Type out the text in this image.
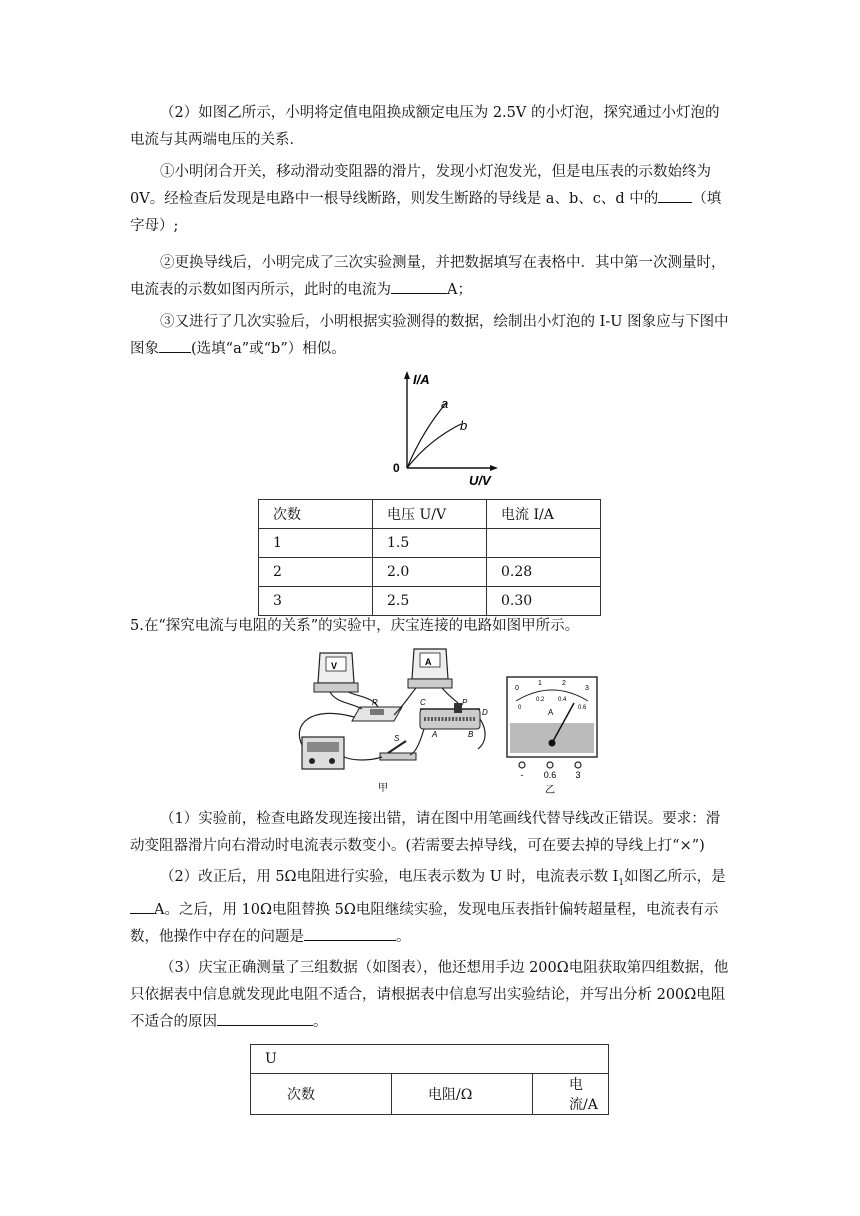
（2）如图乙所示，小明将定值电阻换成额定电压为 2.5V 的小灯泡，探究通过小灯泡的电流与其两端电压的关系．

①小明闭合开关，移动滑动变阻器的滑片，发现小灯泡发光，但是电压表的示数始终为 0V。经检查后发现是电路中一根导线断路，则发生断路的导线是 a、b、c、d 中的 （填字母）;

②更换导线后，小明完成了三次实验测量，并把数据填写在表格中．其中第一次测量时，电流表的示数如图丙所示，此时的电流为	A；

③又进行了几次实验后，小明根据实验测得的数据，绘制出小灯泡的 I-U 图象应与下图中图象 (选填“a”或“b”）相似。

I/A
U/V
0
a
b
次数	电压 U/V	电流 I/A
1	1.5	
2	2.0	0.28
3	2.5	0.30

5.在“探究电流与电阻的关系”的实验中，庆宝连接的电路如图甲所示。

V	A
R	C	P
D
A	B
S
甲
0
1	2
3
0
0.2 0.4
0.6
A
- 0.6 3
乙

（1）实验前，检查电路发现连接出错，请在图中用笔画线代替导线改正错误。要求：滑动变阻器滑片向右滑动时电流表示数变小。(若需要去掉导线，可在要去掉的导线上打“×”)

（2）改正后，用 5Ω电阻进行实验，电压表示数为 U 时，电流表示数 $I_1$如图乙所示，是A。之后，用 10Ω电阻替换 5Ω电阻继续实验，发现电压表指针偏转超量程，电流表有示数，他操作中存在的问题是	。

（3）庆宝正确测量了三组数据（如图表），他还想用手边 200Ω电阻获取第四组数据，他只依据表中信息就发现此电阻不适合，请根据表中信息写出实验结论，并写出分析 200Ω电阻不适合的原因	。

U
次数	电阻/Ω	电流/A
